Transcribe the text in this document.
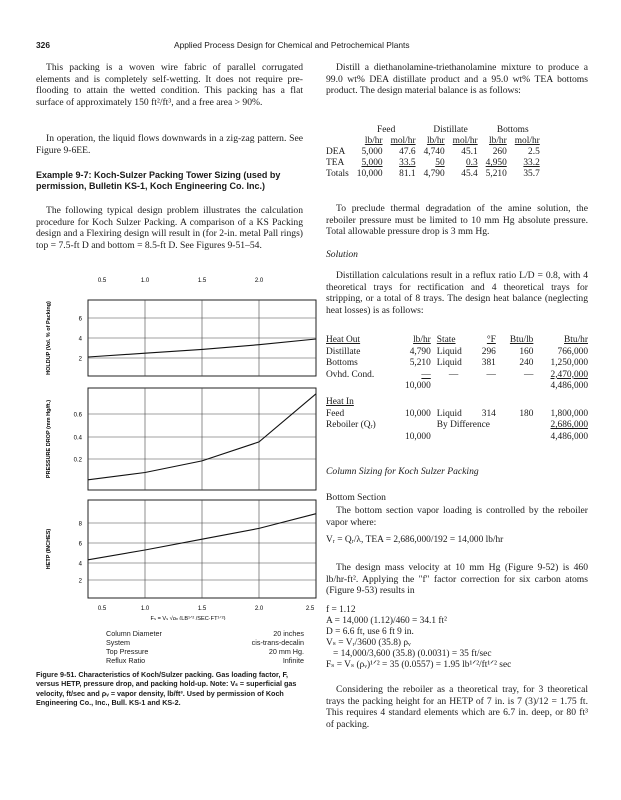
326	Applied Process Design for Chemical and Petrochemical Plants

This packing is a woven wire fabric of parallel corrugated elements and is completely self-wetting. It does not require pre-flooding to attain the wetted condition. This packing has a flat surface of approximately 150 ft²/ft³, and a free area > 90%.

In operation, the liquid flows downwards in a zig-zag pattern. See Figure 9-6EE.

Example 9-7: Koch-Sulzer Packing Tower Sizing (used by permission, Bulletin KS-1, Koch Engineering Co. Inc.)

The following typical design problem illustrates the calculation procedure for Koch Sulzer Packing. A comparison of a KS Packing design and a Flexiring design will result in (for 2-in. metal Pall rings) top = 7.5-ft D and bottom = 8.5-ft D. See Figures 9-51–54.

6
4
2
HOLDUP (Vol. % of Packing)
0.6
0.4
0.2
PRESSURE DROP (mm Hg/ft.)
8
6
4
2
HETP (INCHES)
0.5	1.0	1.5	2.0
0.5	1.0	1.5	2.0	2.5
Fₛ = Vₛ √ρᵥ (LB¹ᐟ² /SEC·FT¹ᐟ²)
Column Diameter	20 inches
System	cis-trans-decalin
Top Pressure	20 mm Hg.
Reflux Ratio	Infinite

Figure 9-51. Characteristics of Koch/Sulzer packing. Gas loading factor, F, versus HETP, pressure drop, and packing hold-up. Note: Vₛ = superficial gas velocity, ft/sec and ρᵥ = vapor density, lb/ft³. Used by permission of Koch Engineering Co., Inc., Bull. KS-1 and KS-2.

Distill a diethanolamine-triethanolamine mixture to produce a 99.0 wt% DEA distillate product and a 95.0 wt% TEA bottoms product. The design material balance is as follows:

	Feed		Distillate		Bottoms	
	lb/hr	mol/hr	lb/hr	mol/hr	lb/hr	mol/hr
DEA	5,000	47.6	4,740	45.1	260	2.5
TEA	5,000	33.5	50	0.3	4,950	33.2
Totals	10,000	81.1	4,790	45.4	5,210	35.7

To preclude thermal degradation of the amine solution, the reboiler pressure must be limited to 10 mm Hg absolute pressure. Total allowable pressure drop is 3 mm Hg.

Solution

Distillation calculations result in a reflux ratio L/D = 0.8, with 4 theoretical trays for rectification and 4 theoretical trays for stripping, or a total of 8 trays. The design heat balance (neglecting heat losses) is as follows:

Heat Out	lb/hr	State	°F	Btu/lb	Btu/hr
Distillate	4,790	Liquid	296	160	766,000
Bottoms	5,210	Liquid	381	240	1,250,000
Ovhd. Cond.	—	—	—	—	2,470,000
	10,000				4,486,000
Heat In					
Feed	10,000	Liquid	314	180	1,800,000
Reboiler (Qᵣ)		By Difference			2,686,000
	10,000				4,486,000

Column Sizing for Koch Sulzer Packing

Bottom Section

The bottom section vapor loading is controlled by the reboiler vapor where:

Vᵣ = Qᵣ/λ, TEA = 2,686,000/192 = 14,000 lb/hr

The design mass velocity at 10 mm Hg (Figure 9-52) is 460 lb/hr-ft². Applying the "f" factor correction for six carbon atoms (Figure 9-53) results in

f = 1.12

A = 14,000 (1.12)/460 = 34.1 ft²

D = 6.6 ft, use 6 ft 9 in.

Vₛ = Vᵣ/3600 (35.8) ρᵥ

= 14,000/3,600 (35.8) (0.0031) = 35 ft/sec

Fₛ = Vₛ (ρᵥ)¹ᐟ² = 35 (0.0557) = 1.95 lb¹ᐟ²/ft¹ᐟ² sec

Considering the reboiler as a theoretical tray, for 3 theoretical trays the packing height for an HETP of 7 in. is 7 (3)/12 = 1.75 ft. This requires 4 standard elements which are 6.7 in. deep, or 80 ft³ of packing.
